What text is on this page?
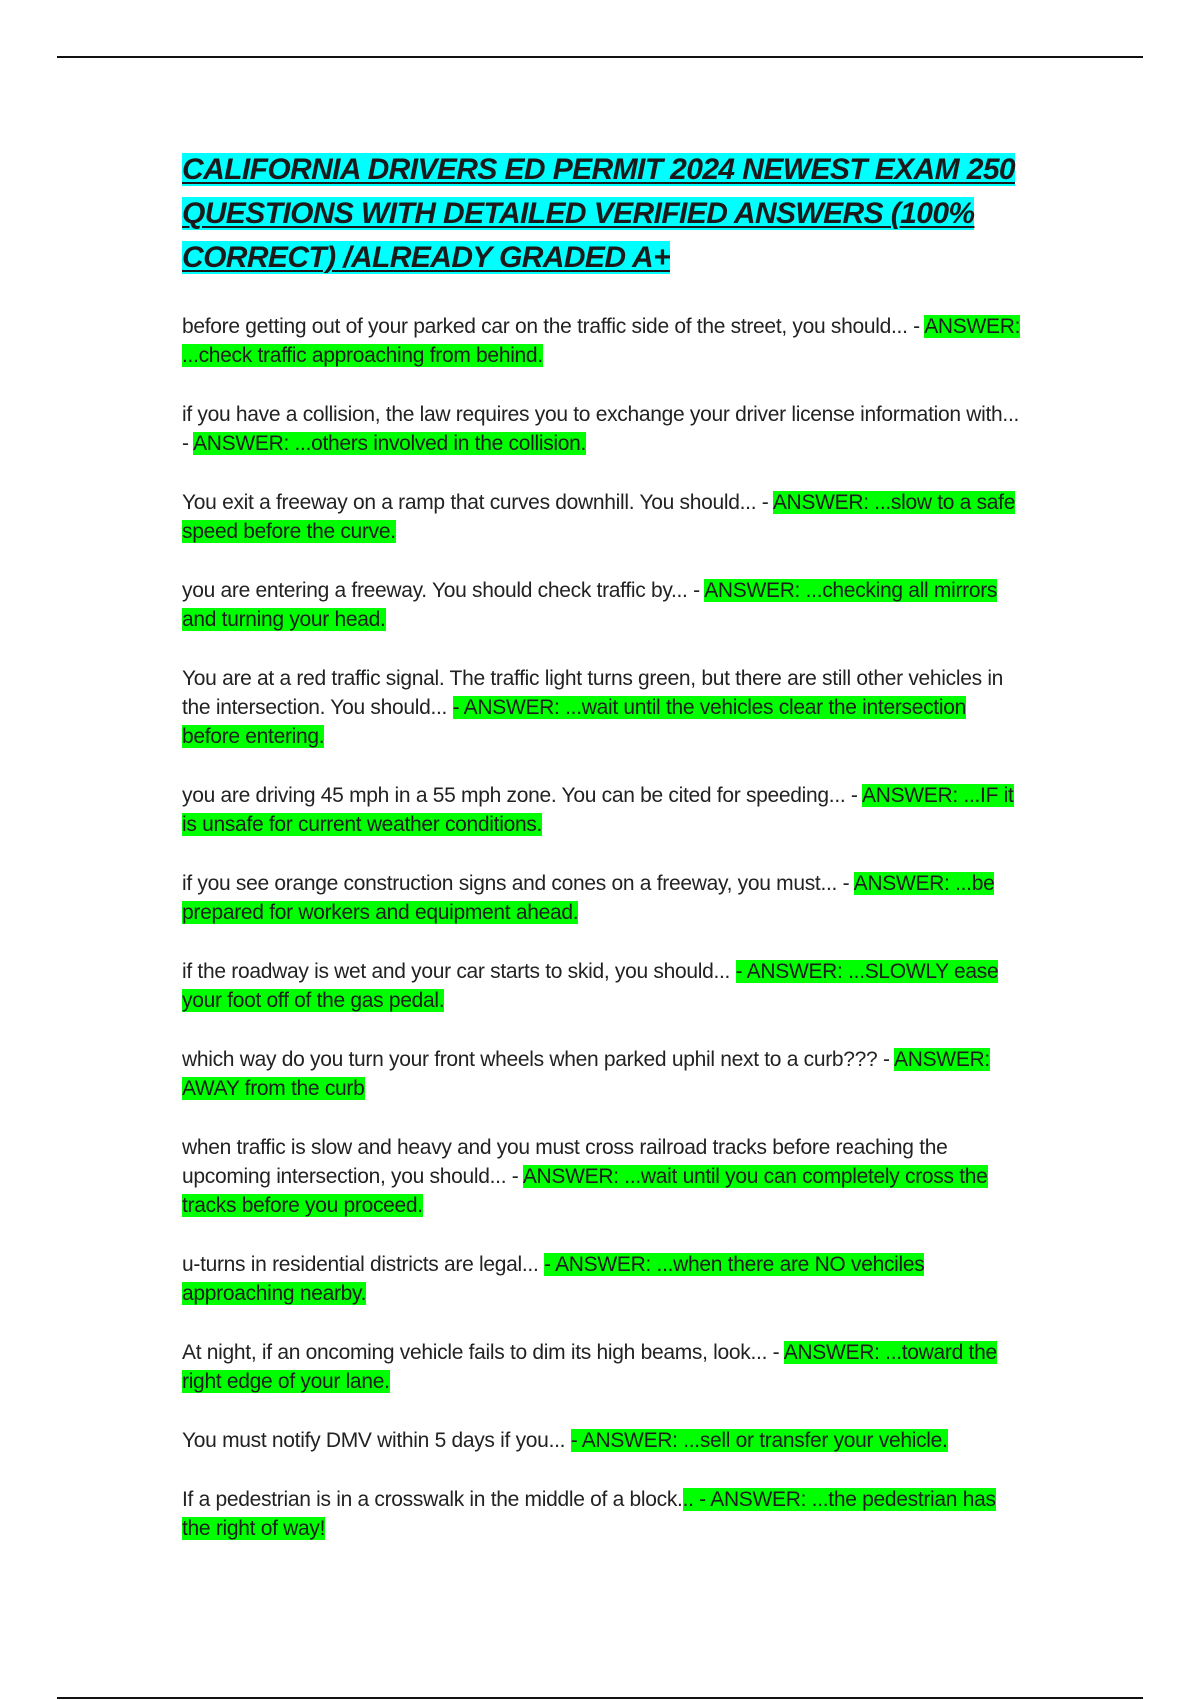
CALIFORNIA DRIVERS ED PERMIT 2024 NEWEST EXAM 250 QUESTIONS WITH DETAILED VERIFIED ANSWERS (100% CORRECT) /ALREADY GRADED A+

before getting out of your parked car on the traffic side of the street, you should... - ANSWER: ...check traffic approaching from behind.

if you have a collision, the law requires you to exchange your driver license information with... - ANSWER: ...others involved in the collision.

You exit a freeway on a ramp that curves downhill. You should... - ANSWER: ...slow to a safe speed before the curve.

you are entering a freeway. You should check traffic by... - ANSWER: ...checking all mirrors and turning your head.

You are at a red traffic signal. The traffic light turns green, but there are still other vehicles in the intersection. You should... - ANSWER: ...wait until the vehicles clear the intersection before entering.

you are driving 45 mph in a 55 mph zone. You can be cited for speeding... - ANSWER: ...IF it is unsafe for current weather conditions.

if you see orange construction signs and cones on a freeway, you must... - ANSWER: ...be prepared for workers and equipment ahead.

if the roadway is wet and your car starts to skid, you should... - ANSWER: ...SLOWLY ease your foot off of the gas pedal.

which way do you turn your front wheels when parked uphil next to a curb??? - ANSWER: AWAY from the curb

when traffic is slow and heavy and you must cross railroad tracks before reaching the upcoming intersection, you should... - ANSWER: ...wait until you can completely cross the tracks before you proceed.

u-turns in residential districts are legal... - ANSWER: ...when there are NO vehciles approaching nearby.

At night, if an oncoming vehicle fails to dim its high beams, look... - ANSWER: ...toward the right edge of your lane.

You must notify DMV within 5 days if you... - ANSWER: ...sell or transfer your vehicle.

If a pedestrian is in a crosswalk in the middle of a block... - ANSWER: ...the pedestrian has the right of way!
